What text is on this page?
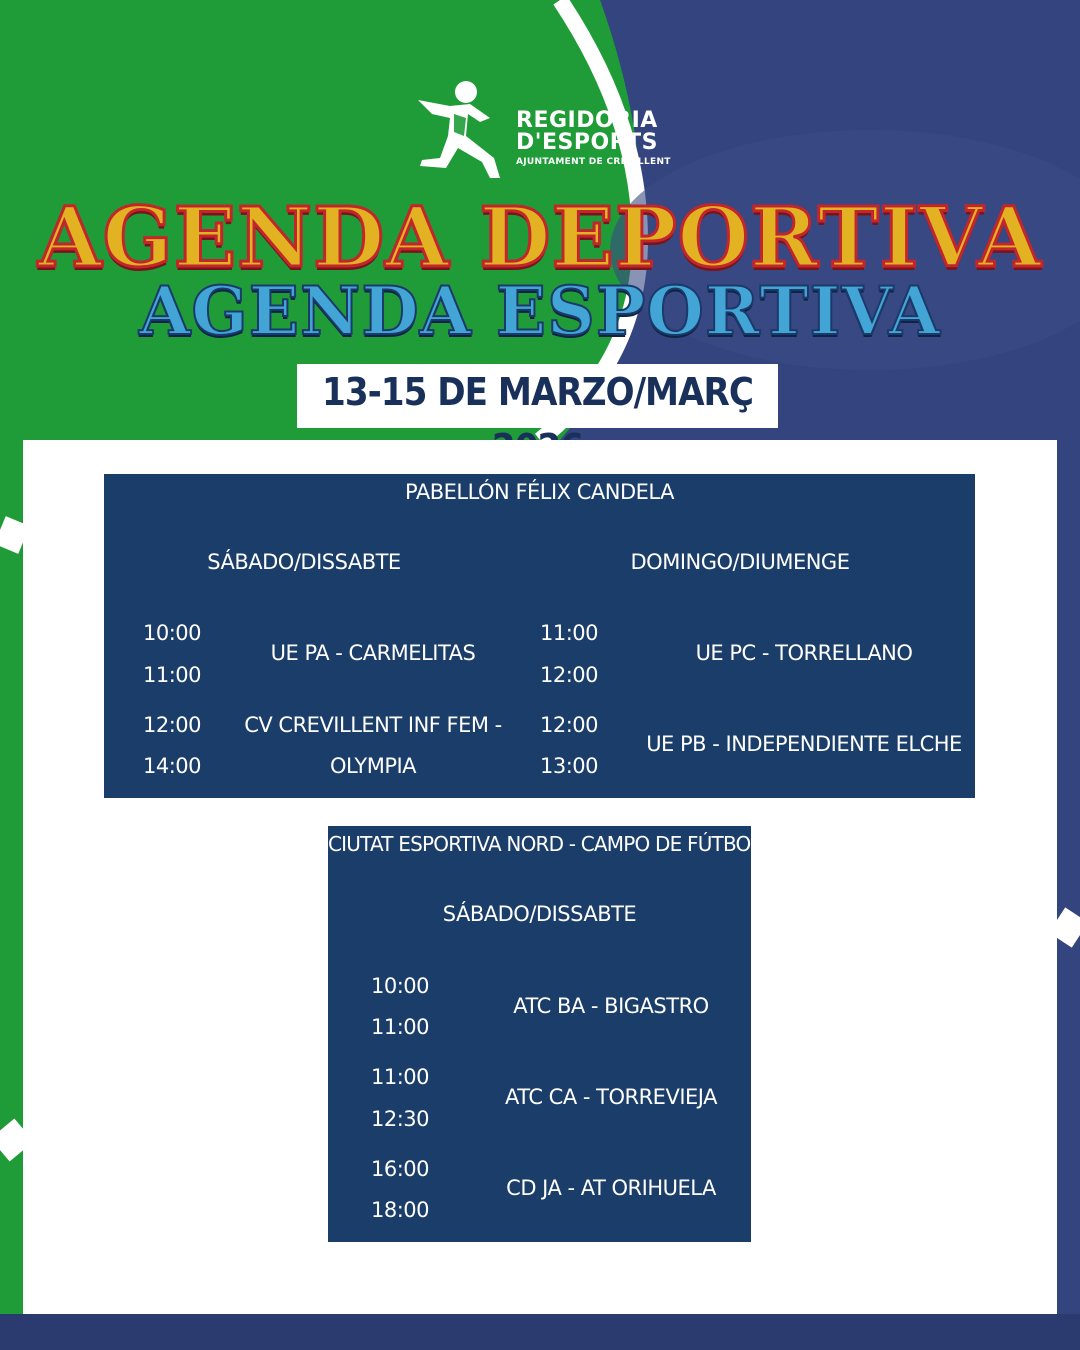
REGIDORIA
D'ESPORTS
AJUNTAMENT DE CREVILLENT
AGENDA DEPORTIVA
AGENDA ESPORTIVA
13-15 DE MARZO/MARÇ
PABELLÓN FÉLIX CANDELA
SÁBADO/DISSABTE	DOMINGO/DIUMENGE
10:00
11:00
UE PA - CARMELITAS
12:00
14:00
CV CREVILLENT INF FEM -
OLYMPIA
11:00
12:00
UE PC - TORRELLANO
12:00
13:00
UE PB - INDEPENDIENTE ELCHE
CIUTAT ESPORTIVA NORD - CAMPO DE FÚTBOL
SÁBADO/DISSABTE
10:00
11:00
ATC BA - BIGASTRO
11:00
12:30
ATC CA - TORREVIEJA
16:00
18:00
CD JA - AT ORIHUELA
